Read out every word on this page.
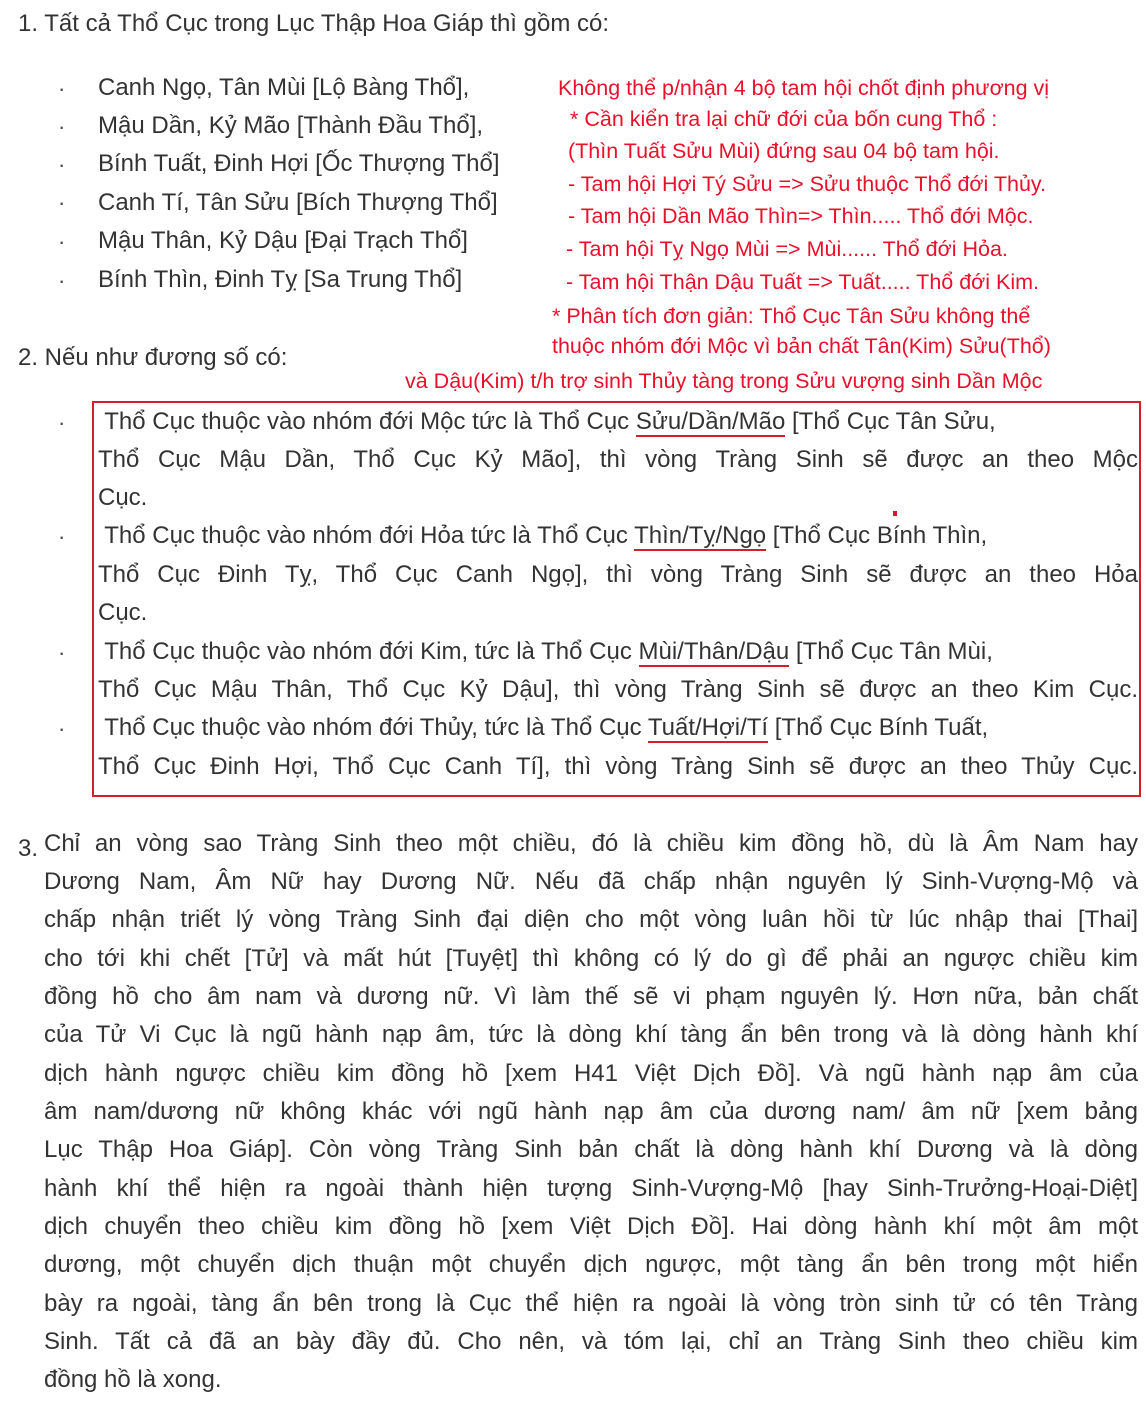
1. Tất cả Thổ Cục trong Lục Thập Hoa Giáp thì gồm có:
· Canh Ngọ, Tân Mùi [Lộ Bàng Thổ],
· Mậu Dần, Kỷ Mão [Thành Đầu Thổ],
· Bính Tuất, Đinh Hợi [Ốc Thượng Thổ]
· Canh Tí, Tân Sửu [Bích Thượng Thổ]
· Mậu Thân, Kỷ Dậu [Đại Trạch Thổ]
· Bính Thìn, Đinh Tỵ [Sa Trung Thổ]
Không thể p/nhận 4 bộ tam hội chốt định phương vị
* Cần kiển tra lại chữ đới của bốn cung Thổ :
(Thìn Tuất Sửu Mùi) đứng sau 04 bộ tam hội.
- Tam hội Hợi Tý Sửu => Sửu thuộc Thổ đới Thủy.
- Tam hội Dần Mão Thìn=> Thìn..... Thổ đới Mộc.
- Tam hội Tỵ Ngọ Mùi => Mùi...... Thổ đới Hỏa.
- Tam hội Thận Dậu Tuất => Tuất..... Thổ đới Kim.
* Phân tích đơn giản: Thổ Cục Tân Sửu không thể
thuộc nhóm đới Mộc vì bản chất Tân(Kim) Sửu(Thổ)
và Dậu(Kim) t/h trợ sinh Thủy tàng trong Sửu vượng sinh Dần Mộc
2. Nếu như đương số có:
· Thổ Cục thuộc vào nhóm đới Mộc tức là Thổ Cục Sửu/Dần/Mão [Thổ Cục Tân Sửu,
Thổ Cục Mậu Dần, Thổ Cục Kỷ Mão], thì vòng Tràng Sinh sẽ được an theo Mộc
Cục.
· Thổ Cục thuộc vào nhóm đới Hỏa tức là Thổ Cục Thìn/Tỵ/Ngọ [Thổ Cục Bính Thìn,
Thổ Cục Đinh Tỵ, Thổ Cục Canh Ngọ], thì vòng Tràng Sinh sẽ được an theo Hỏa
Cục.
· Thổ Cục thuộc vào nhóm đới Kim, tức là Thổ Cục Mùi/Thân/Dậu [Thổ Cục Tân Mùi,
Thổ Cục Mậu Thân, Thổ Cục Kỷ Dậu], thì vòng Tràng Sinh sẽ được an theo Kim Cục.
· Thổ Cục thuộc vào nhóm đới Thủy, tức là Thổ Cục Tuất/Hợi/Tí [Thổ Cục Bính Tuất,
Thổ Cục Đinh Hợi, Thổ Cục Canh Tí], thì vòng Tràng Sinh sẽ được an theo Thủy Cục.
3. Chỉ an vòng sao Tràng Sinh theo một chiều, đó là chiều kim đồng hồ, dù là Âm Nam hay
Dương Nam, Âm Nữ hay Dương Nữ. Nếu đã chấp nhận nguyên lý Sinh-Vượng-Mộ và
chấp nhận triết lý vòng Tràng Sinh đại diện cho một vòng luân hồi từ lúc nhập thai [Thai]
cho tới khi chết [Tử] và mất hút [Tuyệt] thì không có lý do gì để phải an ngược chiều kim
đồng hồ cho âm nam và dương nữ. Vì làm thế sẽ vi phạm nguyên lý. Hơn nữa, bản chất
của Tử Vi Cục là ngũ hành nạp âm, tức là dòng khí tàng ẩn bên trong và là dòng hành khí
dịch hành ngược chiều kim đồng hồ [xem H41 Việt Dịch Đồ]. Và ngũ hành nạp âm của
âm nam/dương nữ không khác với ngũ hành nạp âm của dương nam/ âm nữ [xem bảng
Lục Thập Hoa Giáp]. Còn vòng Tràng Sinh bản chất là dòng hành khí Dương và là dòng
hành khí thể hiện ra ngoài thành hiện tượng Sinh-Vượng-Mộ [hay Sinh-Trưởng-Hoại-Diệt]
dịch chuyển theo chiều kim đồng hồ [xem Việt Dịch Đồ]. Hai dòng hành khí một âm một
dương, một chuyển dịch thuận một chuyển dịch ngược, một tàng ẩn bên trong một hiển
bày ra ngoài, tàng ẩn bên trong là Cục thể hiện ra ngoài là vòng tròn sinh tử có tên Tràng
Sinh. Tất cả đã an bày đầy đủ. Cho nên, và tóm lại, chỉ an Tràng Sinh theo chiều kim
đồng hồ là xong.
